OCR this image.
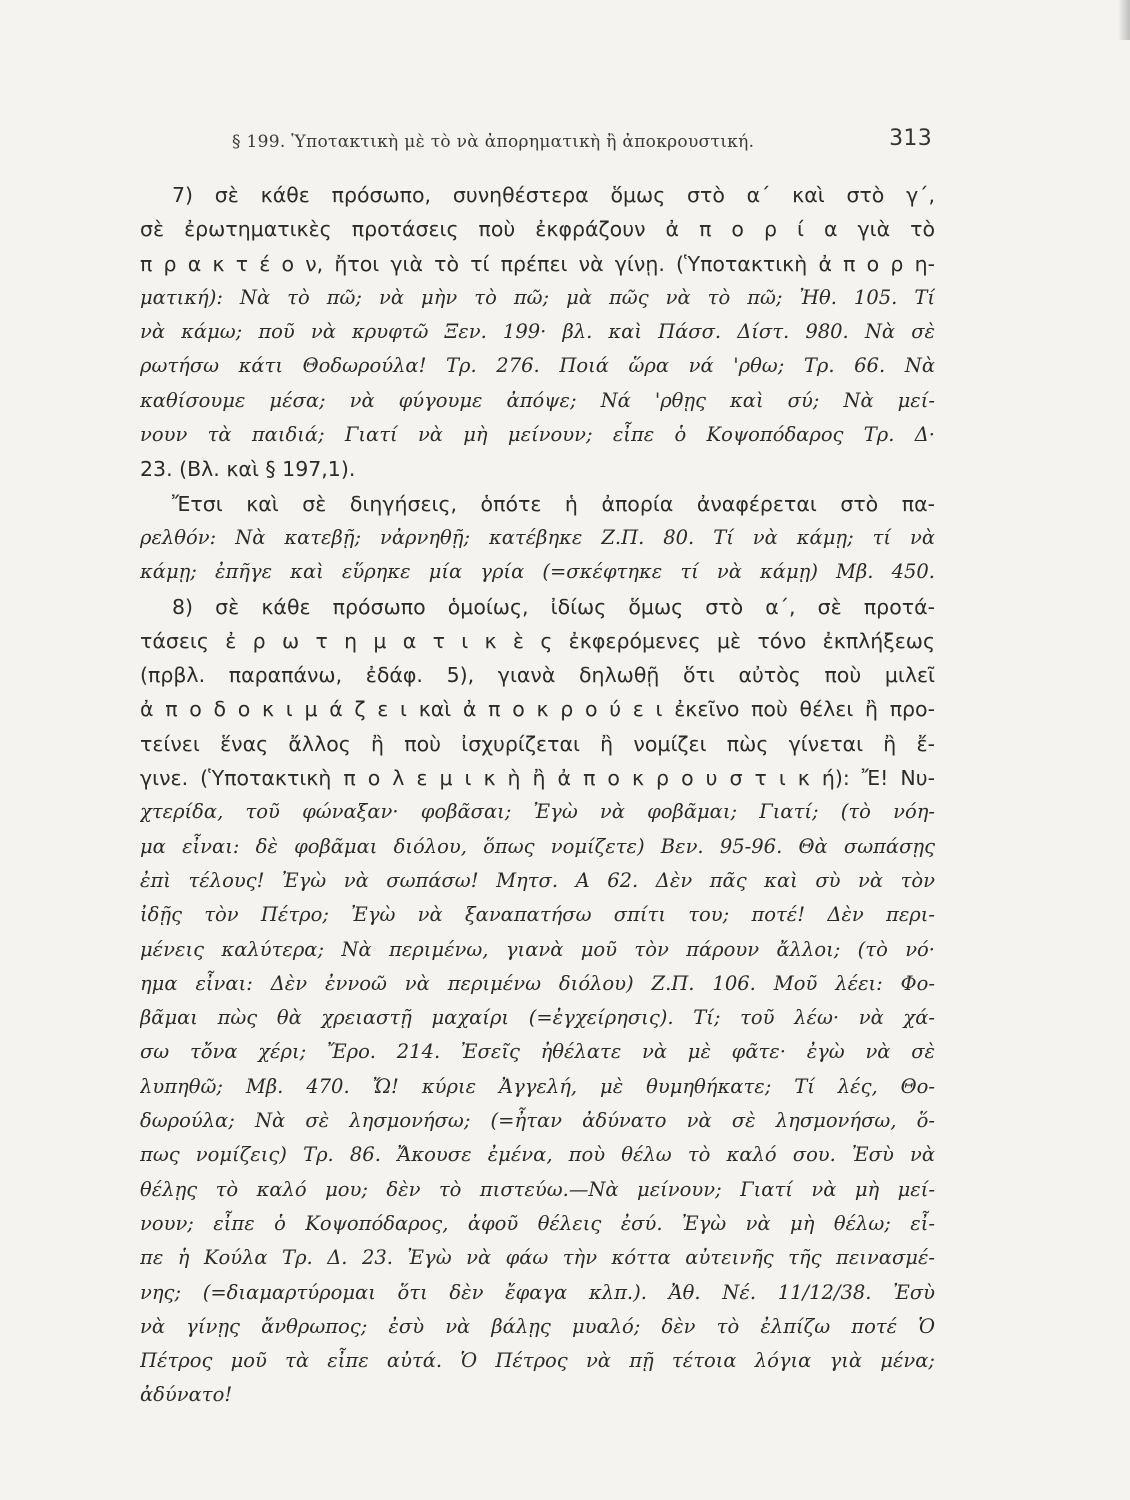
§ 199. Ὑποτακτικὴ μὲ τὸ νὰ ἀπορηματικὴ ἢ ἀποκρουστική.	313
7) σὲ κάθε πρόσωπο, συνηθέστερα ὅμως στὸ α΄ καὶ στὸ γ΄,
σὲ ἐρωτηματικὲς προτάσεις ποὺ ἐκφράζουν ἀ π ο ρ ί α γιὰ τὸ
π ρ α κ τ έ ο ν, ἤτοι γιὰ τὸ τί πρέπει νὰ γίνῃ. (Ὑποτακτικὴ ἀ π ο ρ η-
ματική): Νὰ τὸ πῶ; νὰ μὴν τὸ πῶ; μὰ πῶς νὰ τὸ πῶ; Ἠθ. 105. Τί
νὰ κάμω; ποῦ νὰ κρυφτῶ Ξεν. 199· βλ. καὶ Πάσσ. Δίστ. 980. Νὰ σὲ
ρωτήσω κάτι Θοδωρούλα! Τρ. 276. Ποιά ὥρα νά 'ρθω; Τρ. 66. Νὰ
καθίσουμε μέσα; νὰ φύγουμε ἀπόψε; Νά 'ρθῃς καὶ σύ; Νὰ μεί-
νουν τὰ παιδιά; Γιατί νὰ μὴ μείνουν; εἶπε ὁ Κοψοπόδαρος Τρ. Δ·
23. (Βλ. καὶ § 197,1).
Ἔτσι καὶ σὲ διηγήσεις, ὁπότε ἡ ἀπορία ἀναφέρεται στὸ πα-
ρελθόν: Νὰ κατεβῇ; νἀρνηθῇ; κατέβηκε Ζ.Π. 80. Τί νὰ κάμῃ; τί νὰ
κάμῃ; ἐπῆγε καὶ εὕρηκε μία γρία (=σκέφτηκε τί νὰ κάμῃ) Μβ. 450.
8) σὲ κάθε πρόσωπο ὁμοίως, ἰδίως ὅμως στὸ α΄, σὲ προτά-
τάσεις ἐ ρ ω τ η μ α τ ι κ ὲ ς ἐκφερόμενες μὲ τόνο ἐκπλήξεως
(πρβλ. παραπάνω, ἐδάφ. 5), γιανὰ δηλωθῇ ὅτι αὐτὸς ποὺ μιλεῖ
ἀ π ο δ ο κ ι μ ά ζ ε ι καὶ ἀ π ο κ ρ ο ύ ε ι ἐκεῖνο ποὺ θέλει ἢ προ-
τείνει ἕνας ἄλλος ἢ ποὺ ἰσχυρίζεται ἢ νομίζει πὼς γίνεται ἢ ἔ-
γινε. (Ὑποτακτικὴ π ο λ ε μ ι κ ὴ ἢ ἀ π ο κ ρ ο υ σ τ ι κ ή): Ἔ! Νυ-
χτερίδα, τοῦ φώναξαν· φοβᾶσαι; Ἐγὼ νὰ φοβᾶμαι; Γιατί; (τὸ νόη-
μα εἶναι: δὲ φοβᾶμαι διόλου, ὅπως νομίζετε) Βεν. 95-96. Θὰ σωπάσῃς
ἐπὶ τέλους! Ἐγὼ νὰ σωπάσω! Μητσ. Α 62. Δὲν πᾶς καὶ σὺ νὰ τὸν
ἰδῇς τὸν Πέτρο; Ἐγὼ νὰ ξαναπατήσω σπίτι του; ποτέ! Δὲν περι-
μένεις καλύτερα; Νὰ περιμένω, γιανὰ μοῦ τὸν πάρουν ἄλλοι; (τὸ νό·
ημα εἶναι: Δὲν ἐννοῶ νὰ περιμένω διόλου) Ζ.Π. 106. Μοῦ λέει: Φο-
βᾶμαι πὼς θὰ χρειαστῇ μαχαίρι (=ἐγχείρησις). Τί; τοῦ λέω· νὰ χά-
σω τὄνα χέρι; Ἔρο. 214. Ἐσεῖς ἠθέλατε νὰ μὲ φᾶτε· ἐγὼ νὰ σὲ
λυπηθῶ; Μβ. 470. Ὤ! κύριε Ἀγγελή, μὲ θυμηθήκατε; Τί λές, Θο-
δωρούλα; Νὰ σὲ λησμονήσω; (=ἦταν ἀδύνατο νὰ σὲ λησμονήσω, ὅ-
πως νομίζεις) Τρ. 86. Ἄκουσε ἐμένα, ποὺ θέλω τὸ καλό σου. Ἐσὺ νὰ
θέλῃς τὸ καλό μου; δὲν τὸ πιστεύω.—Νὰ μείνουν; Γιατί νὰ μὴ μεί-
νουν; εἶπε ὁ Κοψοπόδαρος, ἀφοῦ θέλεις ἐσύ. Ἐγὼ νὰ μὴ θέλω; εἶ-
πε ἡ Κούλα Τρ. Δ. 23. Ἐγὼ νὰ φάω τὴν κόττα αὐτεινῆς τῆς πεινασμέ-
νης; (=διαμαρτύρομαι ὅτι δὲν ἔφαγα κλπ.). Ἀθ. Νέ. 11/12/38. Ἐσὺ
νὰ γίνῃς ἄνθρωπος; ἐσὺ νὰ βάλῃς μυαλό; δὲν τὸ ἐλπίζω ποτέ Ὁ
Πέτρος μοῦ τὰ εἶπε αὐτά. Ὁ Πέτρος νὰ πῇ τέτοια λόγια γιὰ μένα;
ἀδύνατο!
